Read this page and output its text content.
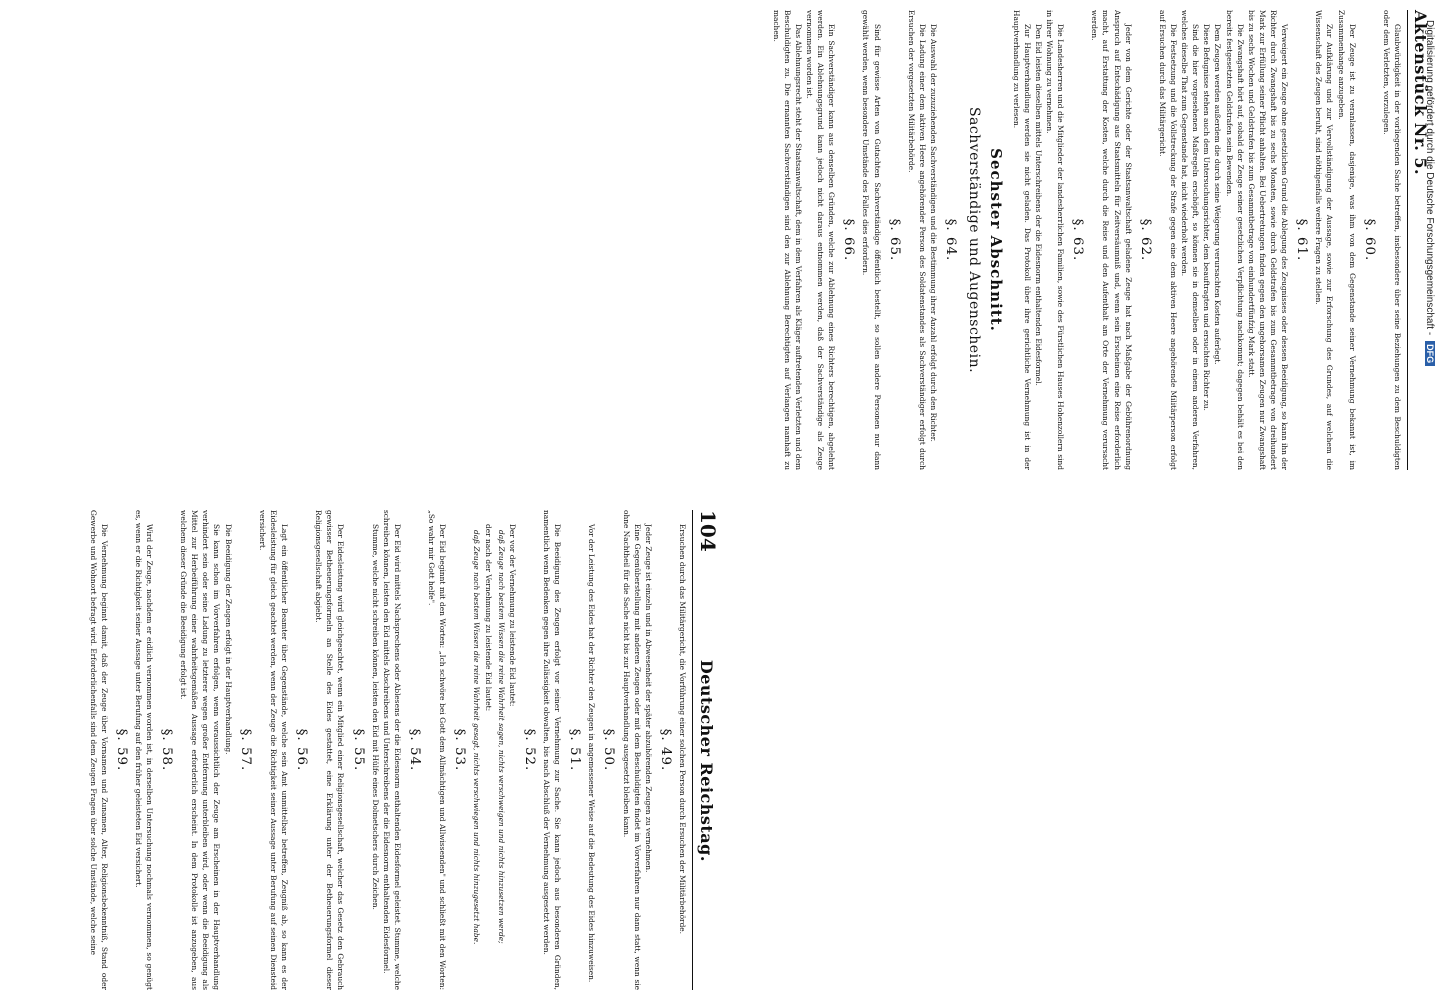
104
Deutscher Reichstag.
Ersuchen durch das Militärgericht, die Vorführung einer solchen Person durch Ersuchen der Militärbehörde.
§. 49.
Jeder Zeuge ist einzeln und in Abwesenheit der später abzuhörenden Zeugen zu vernehmen.
Eine Gegenüberstellung mit anderen Zeugen oder mit dem Beschuldigten findet im Vorverfahren nur dann statt, wenn sie ohne Nachtheil für die Sache nicht bis zur Hauptverhandlung ausgesetzt bleiben kann.
§. 50.
Vor der Leistung des Eides hat der Richter den Zeugen in angemessener Weise auf die Bedeutung des Eides hinzuweisen.
§. 51.
Die Beeidigung des Zeugen erfolgt vor seiner Vernehmung zur Sache. Sie kann jedoch aus besonderen Gründen, namentlich wenn Bedenken gegen ihre Zulässigkeit obwalten, bis nach Abschluß der Vernehmung ausgesetzt werden.
§. 52.
Der vor der Vernehmung zu leistende Eid lautet:
daß Zeuge nach bestem Wissen die reine Wahrheit sagen, nichts verschweigen und nichts hinzusetzen werde;
der nach der Vernehmung zu leistende Eid lautet:
daß Zeuge nach bestem Wissen die reine Wahrheit gesagt, nichts verschwiegen und nichts hinzugesetzt habe.
§. 53.
Der Eid beginnt mit den Worten: „Ich schwöre bei Gott dem Allmächtigen und Allwissenden" und schließt mit den Worten: „So wahr mir Gott helfe".
§. 54.
Der Eid wird mittels Nachsprechens oder Ablesens der die Eidesnorm enthaltenden Eidesformel geleistet. Stumme, welche schreiben können, leisten den Eid mittels Abschreibens und Unterschreibens der die Eidesnorm enthaltenden Eidesformel.
Stumme, welche nicht schreiben können, leisten den Eid mit Hülfe eines Dolmetschers durch Zeichen.
§. 55.
Der Eidesleistung wird gleichgeachtet, wenn ein Mitglied einer Religionsgesellschaft, welcher das Gesetz den Gebrauch gewisser Betheuerungsformeln an Stelle des Eides gestattet, eine Erklärung unter der Betheuerungsformel dieser Religionsgesellschaft abgiebt.
§. 56.
Lagt ein öffentlicher Beamter über Gegenstände, welche sein Amt unmittelbar betreffen, Zeugniß ab, so kann es der Eidesleistung für gleich geachtet werden, wenn der Zeuge die Richtigkeit seiner Aussage unter Berufung auf seinen Diensteid versichert.
§. 57.
Die Beeidigung der Zeugen erfolgt in der Hauptverhandlung.
Sie kann schon im Vorverfahren erfolgen, wenn voraussichtlich der Zeuge am Erscheinen in der Hauptverhandlung verhindert sein oder seine Ladung zu letzterer wegen großer Entfernung unterbleiben wird, oder wenn die Beeidigung als Mittel zur Herbeiführung einer wahrheitsgemäßen Aussage erforderlich erscheint. In dem Protokolle ist anzugeben, aus welchem dieser Gründe die Beeidigung erfolgt ist.
§. 58.
Wird der Zeuge, nachdem er eidlich vernommen worden ist, in derselben Untersuchung nochmals vernommen, so genügt es, wenn er die Richtigkeit seiner Aussage unter Berufung auf den früher geleisteten Eid versichert.
§. 59.
Die Vernehmung beginnt damit, daß der Zeuge über Vornamen und Zunamen, Alter, Religionsbekenntniß, Stand oder Gewerbe und Wohnort befragt wird. Erforderlichenfalls sind dem Zeugen Fragen über solche Umstände, welche seine
Aktenstück Nr. 5.
Glaubwürdigkeit in der vorliegenden Sache betreffen, insbesondere über seine Beziehungen zu dem Beschuldigten oder dem Verletzten, vorzulegen.
§. 60.
Der Zeuge ist zu veranlassen, dasjenige, was ihm von dem Gegenstande seiner Vernehmung bekannt ist, im Zusammenhange anzugeben.
Zur Aufklärung und zur Vervollständigung der Aussage, sowie zur Erforschung des Grundes, auf welchem die Wissenschaft des Zeugen beruht, sind nöthigenfalls weitere Fragen zu stellen.
§. 61.
Verweigert ein Zeuge ohne gesetzlichen Grund die Ablegung des Zeugnisses oder dessen Beeidigung, so kann ihn der Richter durch Zwangshaft bis zu sechs Monaten, sowie durch Geldstrafen bis zum Gesammtbetrage von dreihundert Mark zur Erfüllung seiner Pflicht anhalten. Bei Uebertretungen finden gegen den ungehorsamen Zeugen nur Zwangshaft bis zu sechs Wochen und Geldstrafen bis zum Gesammtbetrage von einhundertfünfzig Mark statt.
Die Zwangshaft hört auf, sobald der Zeuge seiner gesetzlichen Verpflichtung nachkommt; dagegen behält es bei den bereits festgesetzten Geldstrafen sein Bewenden.
Dem Zeugen werden außerdem die durch seine Weigerung verursachten Kosten auferlegt.
Diese Befugnisse stehen auch dem Untersuchungsrichter, dem beauftragten und ersuchten Richter zu.
Sind die hier vorgesehenen Maßregeln erschöpft, so können sie in demselben oder in einem anderen Verfahren, welches dieselbe That zum Gegenstande hat, nicht wiederholt werden.
Die Festsetzung und die Vollstreckung der Strafe gegen eine dem aktiven Heere angehörende Militärperson erfolgt auf Ersuchen durch das Militärgericht.
§. 62.
Jeder von dem Gerichte oder der Staatsanwaltschaft geladene Zeuge hat nach Maßgabe der Gebührenordnung Anspruch auf Entschädigung aus Staatsmitteln für Zeitversäumniß und, wenn sein Erscheinen eine Reise erforderlich macht, auf Erstattung der Kosten, welche durch die Reise und den Aufenthalt am Orte der Vernehmung verursacht werden.
§. 63.
Die Landesherren und die Mitglieder der landesherrlichen Familien, sowie des Fürstlichen Hauses Hohenzollern sind in ihrer Wohnung zu vernehmen.
Den Eid leisten dieselben mittels Unterschreibens der die Eidesnorm enthaltenden Eidesformel.
Zur Hauptverhandlung werden sie nicht geladen. Das Protokoll über ihre gerichtliche Vernehmung ist in der Hauptverhandlung zu verlesen.
Sechster Abschnitt.
Sachverständige und Augenschein.
§. 64.
Die Auswahl der zuzuziehenden Sachverständigen und die Bestimmung ihrer Anzahl erfolgt durch den Richter.
Die Ladung einer dem aktiven Heere angehörender Person des Soldatenstandes als Sachverständiger erfolgt durch Ersuchen der vorgesetzten Militärbehörde.
§. 65.
Sind für gewisse Arten von Gutachten Sachverständige öffentlich bestellt, so sollen andere Personen nur dann gewählt werden, wenn besondere Umstände des Falles dies erfordern.
§. 66.
Ein Sachverständiger kann aus denselben Gründen, welche zur Ablehnung eines Richters berechtigen, abgelehnt werden. Ein Ablehnungsgrund kann jedoch nicht daraus entnommen werden, daß der Sachverständige als Zeuge vernommen worden ist.
Das Ablehnungsrecht steht der Staatsanwaltschaft, dem in dem Verfahren als Kläger auftretenden Verletzten und dem Beschuldigten zu. Die ernannten Sachverständigen sind den zur Ablehnung Berechtigten auf Verlangen namhaft zu machen.	Digitalisierung gefördert durch die Deutsche Forschungsgemeinschaft -DFG
